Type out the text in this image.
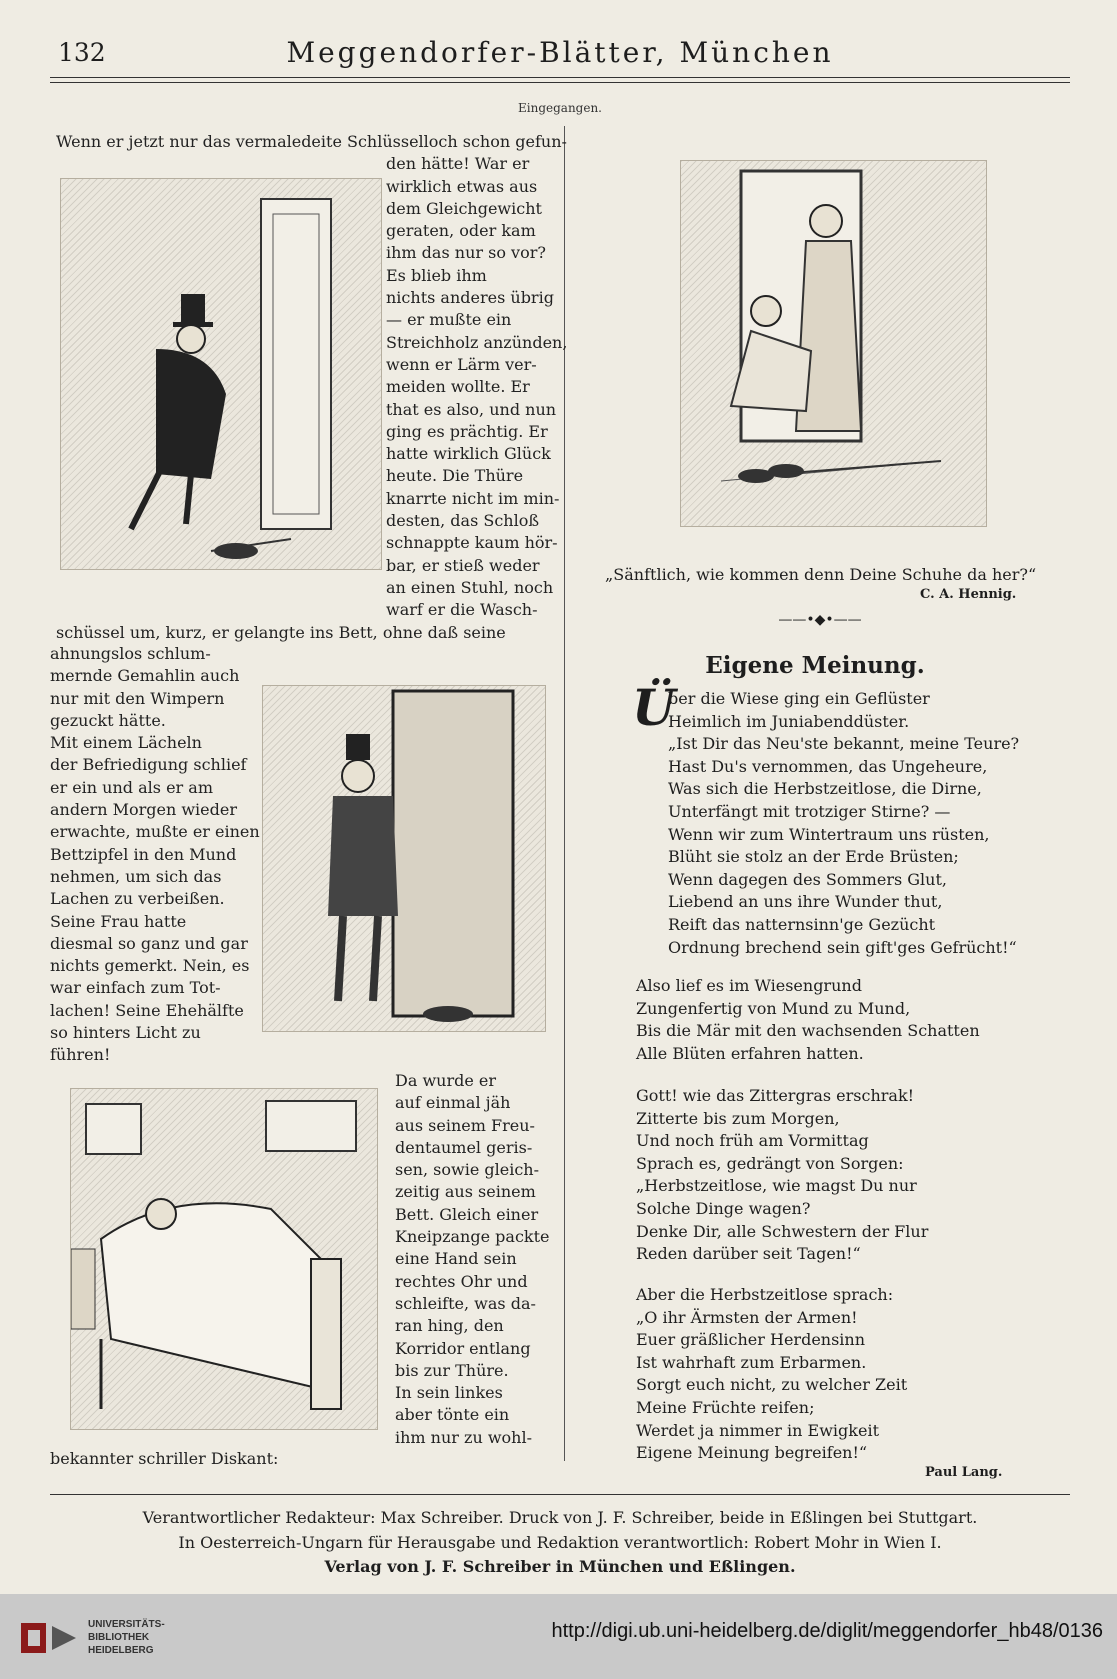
132	Meggendorfer-Blätter, München
Eingegangen.

Wenn er jetzt nur das vermaledeite Schlüsselloch schon gefun-
den hätte! War er
wirklich etwas aus
dem Gleichgewicht
geraten, oder kam
ihm das nur so vor?
Es blieb ihm
nichts anderes übrig
— er mußte ein
Streichholz anzünden,
wenn er Lärm ver-
meiden wollte. Er
that es also, und nun
ging es prächtig. Er
hatte wirklich Glück
heute. Die Thüre
knarrte nicht im min-
desten, das Schloß
schnappte kaum hör-
bar, er stieß weder
an einen Stuhl, noch
warf er die Wasch-
schüssel um, kurz, er gelangte ins Bett, ohne daß seine

ahnungslos schlum-
mernde Gemahlin auch
nur mit den Wimpern
gezuckt hätte.
Mit einem Lächeln
der Befriedigung schlief
er ein und als er am
andern Morgen wieder
erwachte, mußte er einen
Bettzipfel in den Mund
nehmen, um sich das
Lachen zu verbeißen.
Seine Frau hatte
diesmal so ganz und gar
nichts gemerkt. Nein, es
war einfach zum Tot-
lachen! Seine Ehehälfte
so hinters Licht zu
führen!

Da wurde er
auf einmal jäh
aus seinem Freu-
dentaumel geris-
sen, sowie gleich-
zeitig aus seinem
Bett. Gleich einer
Kneipzange packte
eine Hand sein
rechtes Ohr und
schleifte, was da-
ran hing, den
Korridor entlang
bis zur Thüre.
In sein linkes
aber tönte ein
ihm nur zu wohl-

bekannter schriller Diskant:
„Sänftlich, wie kommen denn Deine Schuhe da her?“
C. A. Hennig.
——•◆•——
Eigene Meinung.
Ü

ber die Wiese ging ein Geflüster
Heimlich im Juniabenddüster.
„Ist Dir das Neu'ste bekannt, meine Teure?
Hast Du's vernommen, das Ungeheure,
Was sich die Herbstzeitlose, die Dirne,
Unterfängt mit trotziger Stirne? —
Wenn wir zum Wintertraum uns rüsten,
Blüht sie stolz an der Erde Brüsten;
Wenn dagegen des Sommers Glut,
Liebend an uns ihre Wunder thut,
Reift das natternsinn'ge Gezücht
Ordnung brechend sein gift'ges Gefrücht!“

Also lief es im Wiesengrund
Zungenfertig von Mund zu Mund,
Bis die Mär mit den wachsenden Schatten
Alle Blüten erfahren hatten.

Gott! wie das Zittergras erschrak!
Zitterte bis zum Morgen,
Und noch früh am Vormittag
Sprach es, gedrängt von Sorgen:
„Herbstzeitlose, wie magst Du nur
Solche Dinge wagen?
Denke Dir, alle Schwestern der Flur
Reden darüber seit Tagen!“

Aber die Herbstzeitlose sprach:
„O ihr Ärmsten der Armen!
Euer gräßlicher Herdensinn
Ist wahrhaft zum Erbarmen.
Sorgt euch nicht, zu welcher Zeit
Meine Früchte reifen;
Werdet ja nimmer in Ewigkeit
Eigene Meinung begreifen!“

Paul Lang.
Verantwortlicher Redakteur: Max Schreiber. Druck von J. F. Schreiber, beide in Eßlingen bei Stuttgart.
In Oesterreich-Ungarn für Herausgabe und Redaktion verantwortlich: Robert Mohr in Wien I.
Verlag von J. F. Schreiber in München und Eßlingen.
UNIVERSITÄTS-
BIBLIOTHEK
HEIDELBERG
http://digi.ub.uni-heidelberg.de/diglit/meggendorfer_hb48/0136
